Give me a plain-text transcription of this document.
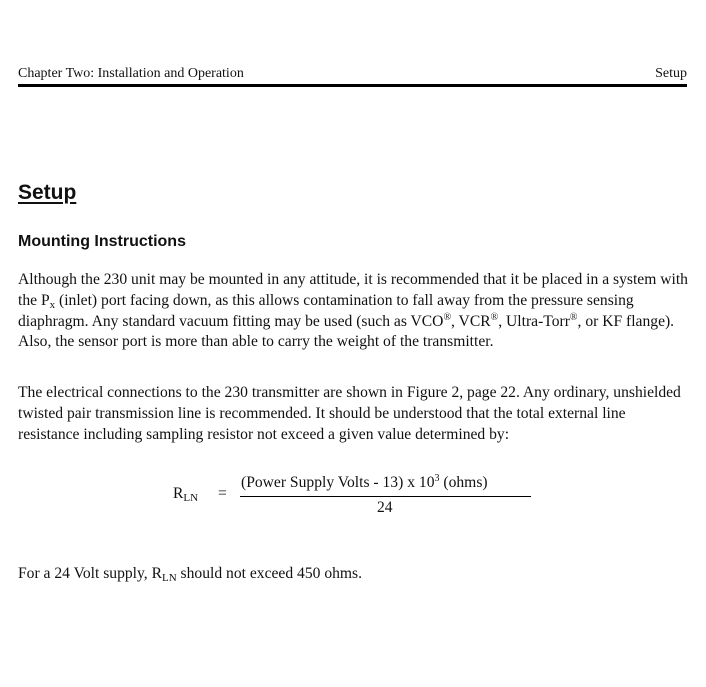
Chapter Two: Installation and Operation	Setup
Setup
Mounting Instructions

Although the 230 unit may be mounted in any attitude, it is recommended that it be placed in a system with the $P_x$ (inlet) port facing down, as this allows contamination to fall away from the pressure sensing diaphragm. Any standard vacuum fitting may be used (such as VCO®, VCR®, Ultra-Torr®, or KF flange). Also, the sensor port is more than able to carry the weight of the transmitter.

The electrical connections to the 230 transmitter are shown in Figure 2, page 22. Any ordinary, unshielded twisted pair transmission line is recommended. It should be understood that the total external line resistance including sampling resistor not exceed a given value determined by:

$R_{LN}$ =
(Power Supply Volts - 13) x $10^3$ (ohms)
24

For a 24 Volt supply, $R_{LN}$ should not exceed 450 ohms.
